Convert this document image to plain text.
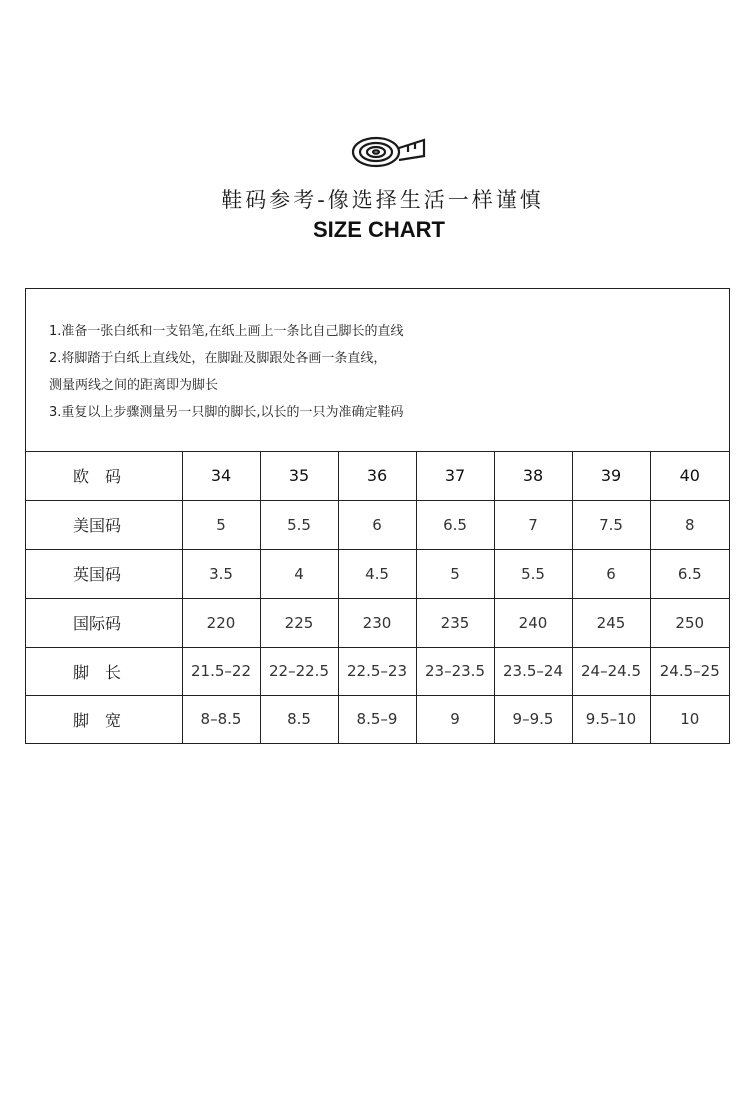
鞋码参考-像选择生活一样谨慎
SIZE CHART
1.准备一张白纸和一支铅笔,在纸上画上一条比自己脚长的直线
2.将脚踏于白纸上直线处，在脚趾及脚跟处各画一条直线，
测量两线之间的距离即为脚长
3.重复以上步骤测量另一只脚的脚长,以长的一只为准确定鞋码
欧　码	34	35	36	37	38	39	40
美国码	5	5.5	6	6.5	7	7.5	8
英国码	3.5	4	4.5	5	5.5	6	6.5
国际码	220	225	230	235	240	245	250
脚　长	21.5–22	22–22.5	22.5–23	23–23.5	23.5–24	24–24.5	24.5–25
脚　宽	8–8.5	8.5	8.5–9	9	9–9.5	9.5–10	10
